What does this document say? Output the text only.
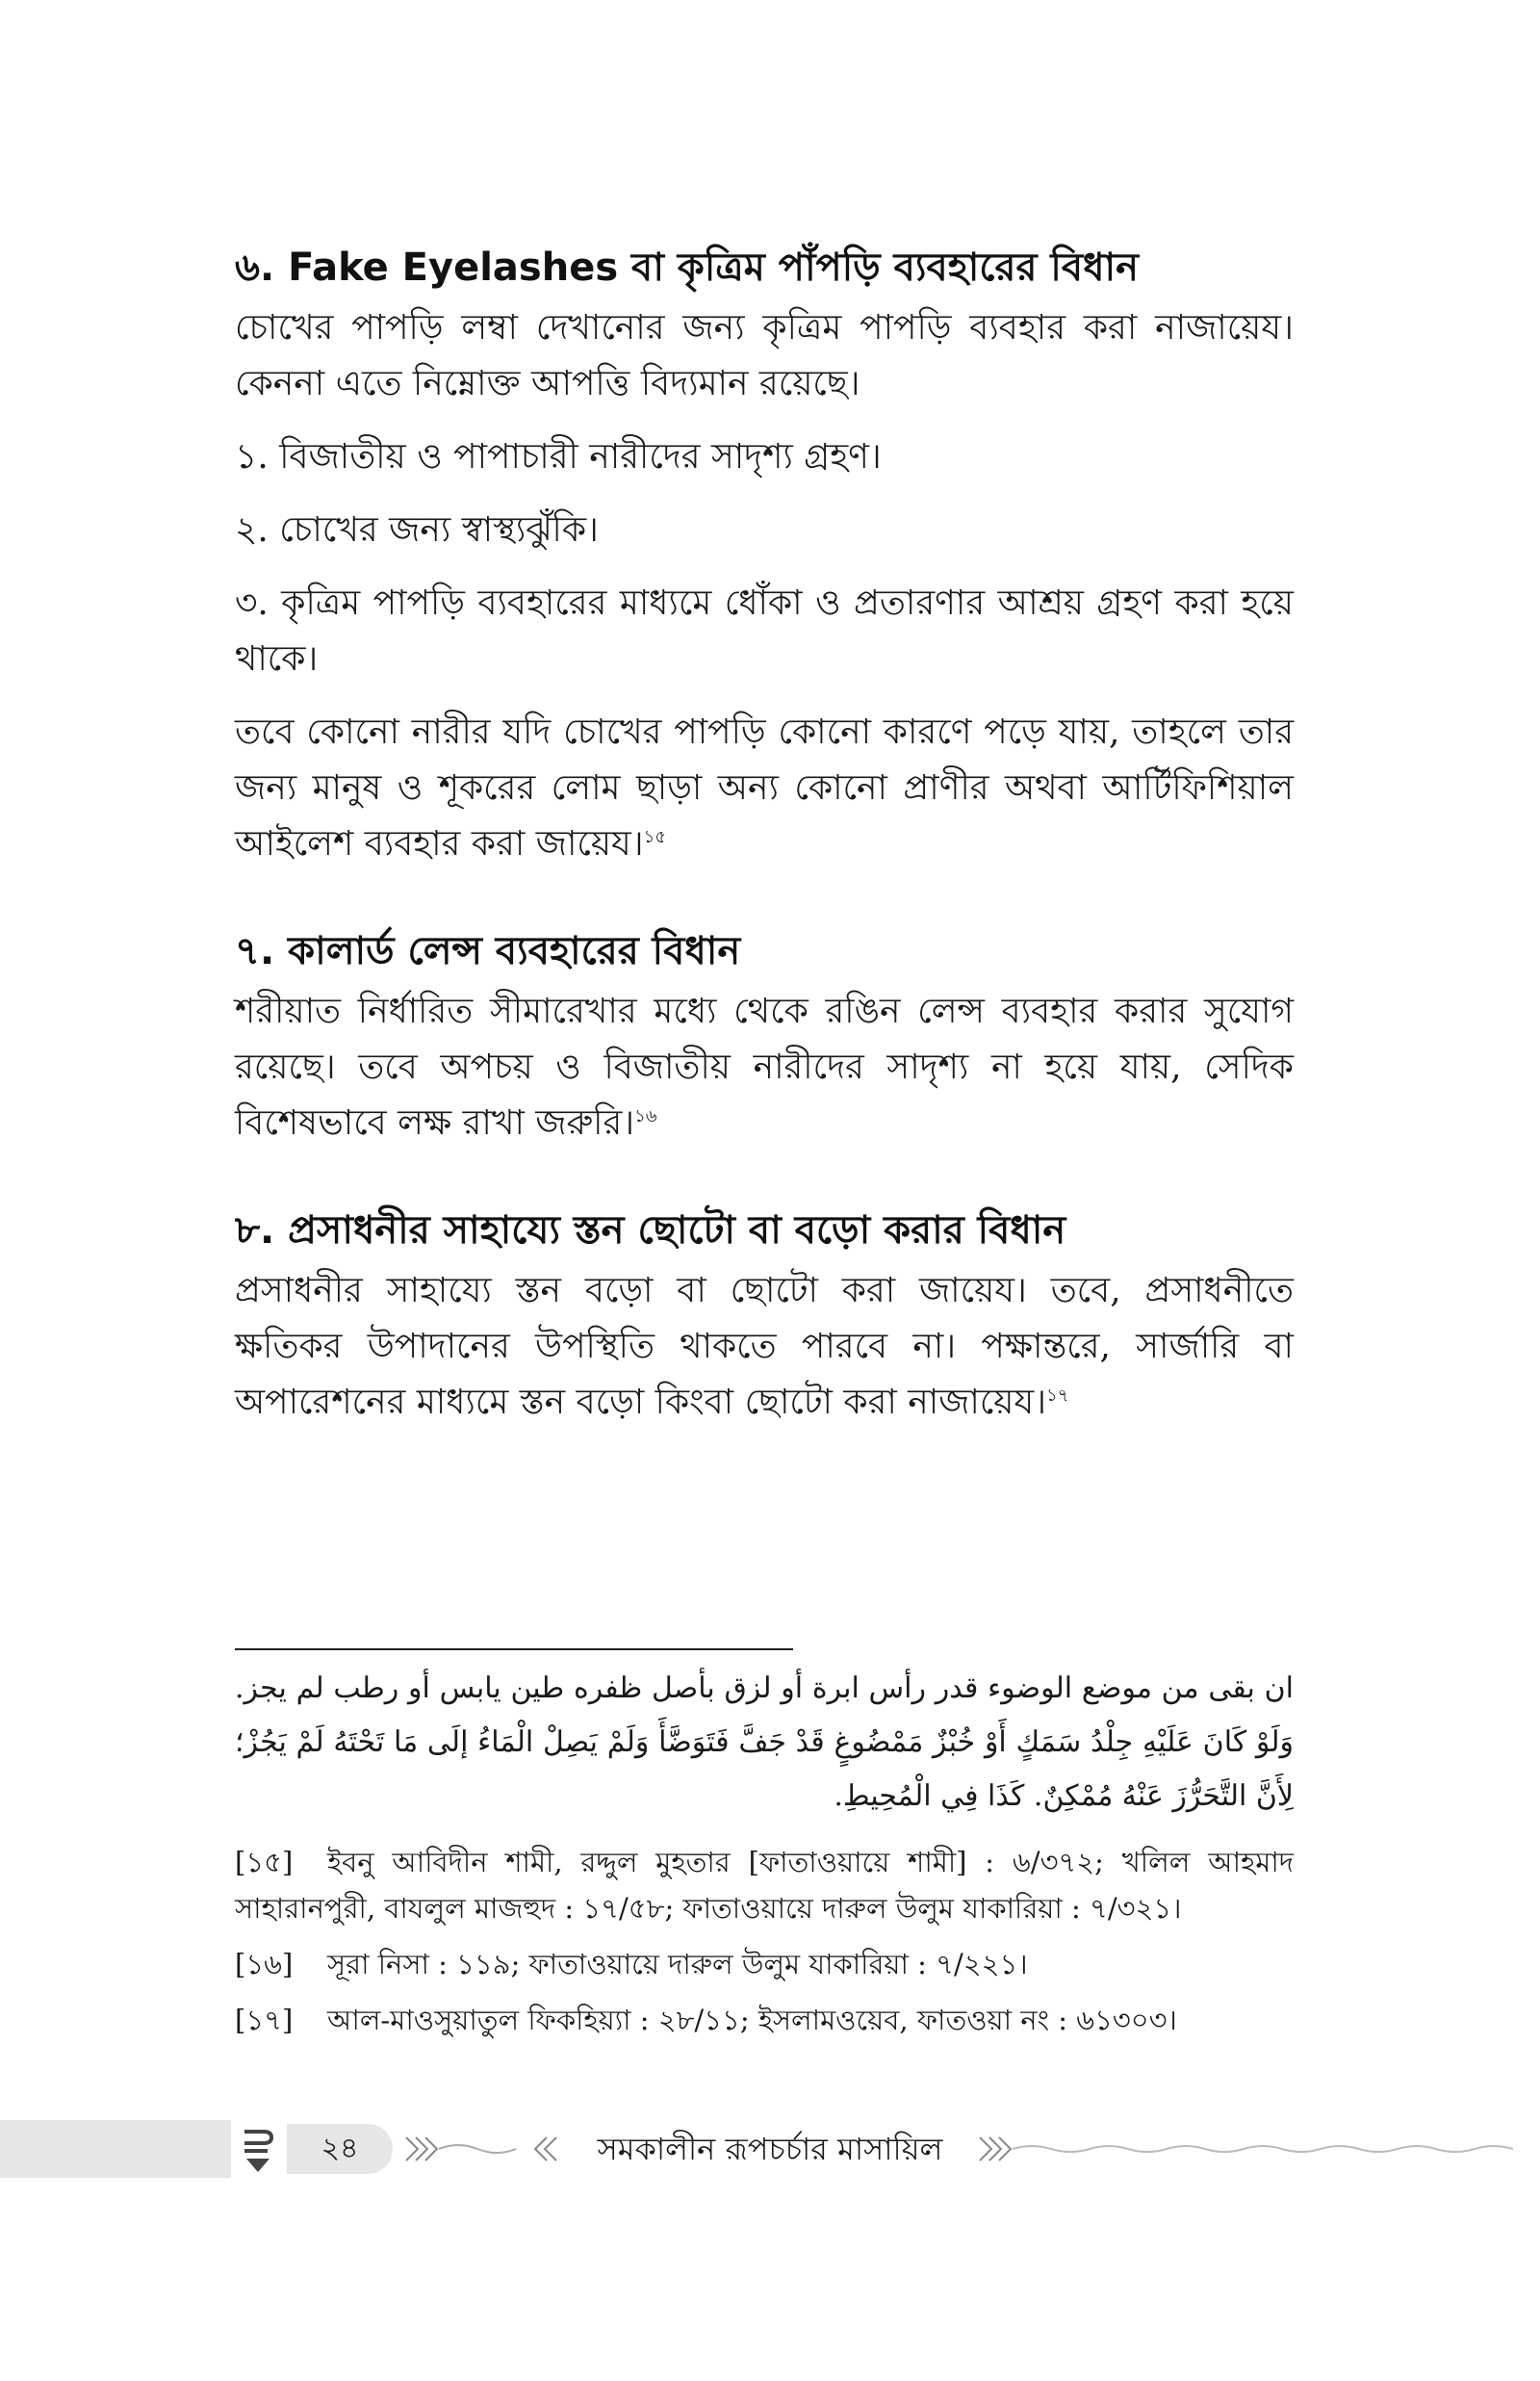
৬. Fake Eyelashes বা কৃত্রিম পাঁপড়ি ব্যবহারের বিধান

চোখের পাপড়ি লম্বা দেখানোর জন্য কৃত্রিম পাপড়ি ব্যবহার করা নাজায়েয। কেননা এতে নিম্নোক্ত আপত্তি বিদ্যমান রয়েছে।

১. বিজাতীয় ও পাপাচারী নারীদের সাদৃশ্য গ্রহণ।

২. চোখের জন্য স্বাস্থ্যঝুঁকি।

৩. কৃত্রিম পাপড়ি ব্যবহারের মাধ্যমে ধোঁকা ও প্রতারণার আশ্রয় গ্রহণ করা হয়ে থাকে।

তবে কোনো নারীর যদি চোখের পাপড়ি কোনো কারণে পড়ে যায়, তাহলে তার জন্য মানুষ ও শূকরের লোম ছাড়া অন্য কোনো প্রাণীর অথবা আর্টিফিশিয়াল আইলেশ ব্যবহার করা জায়েয।$^{১৫}$

৭. কালার্ড লেন্স ব্যবহারের বিধান

শরীয়াত নির্ধারিত সীমারেখার মধ্যে থেকে রঙিন লেন্স ব্যবহার করার সুযোগ রয়েছে। তবে অপচয় ও বিজাতীয় নারীদের সাদৃশ্য না হয়ে যায়, সেদিক বিশেষভাবে লক্ষ রাখা জরুরি।$^{১৬}$

৮. প্রসাধনীর সাহায্যে স্তন ছোটো বা বড়ো করার বিধান

প্রসাধনীর সাহায্যে স্তন বড়ো বা ছোটো করা জায়েয। তবে, প্রসাধনীতে ক্ষতিকর উপাদানের উপস্থিতি থাকতে পারবে না। পক্ষান্তরে, সার্জারি বা অপারেশনের মাধ্যমে স্তন বড়ো কিংবা ছোটো করা নাজায়েয।$^{১৭}$

ان بقى من موضع الوضوء قدر رأس ابرة أو لزق بأصل ظفره طين يابس أو رطب لم يجز. وَلَوْ كَانَ عَلَيْهِ جِلْدُ سَمَكٍ أَوْ خُبْزٌ مَمْضُوغٍ قَدْ جَفَّ فَتَوَضَّأَ وَلَمْ يَصِلْ الْمَاءُ إلَى مَا تَحْتَهُ لَمْ يَجُزْ؛ لِأَنَّ التَّحَرُّزَ عَنْهُ مُمْكِنٌ. كَذَا فِي الْمُحِيطِ.

[১৫] ইবনু আবিদীন শামী, রদ্দুল মুহতার [ফাতাওয়ায়ে শামী] : ৬/৩৭২; খলিল আহমাদ সাহারানপুরী, বাযলুল মাজহুদ : ১৭/৫৮; ফাতাওয়ায়ে দারুল উলুম যাকারিয়া : ৭/৩২১।

[১৬] সূরা নিসা : ১১৯; ফাতাওয়ায়ে দারুল উলুম যাকারিয়া : ৭/২২১।

[১৭] আল-মাওসুয়াতুল ফিকহিয়্যা : ২৮/১১; ইসলামওয়েব, ফাতওয়া নং : ৬১৩০৩।

২৪	সমকালীন রূপচর্চার মাসায়িল
